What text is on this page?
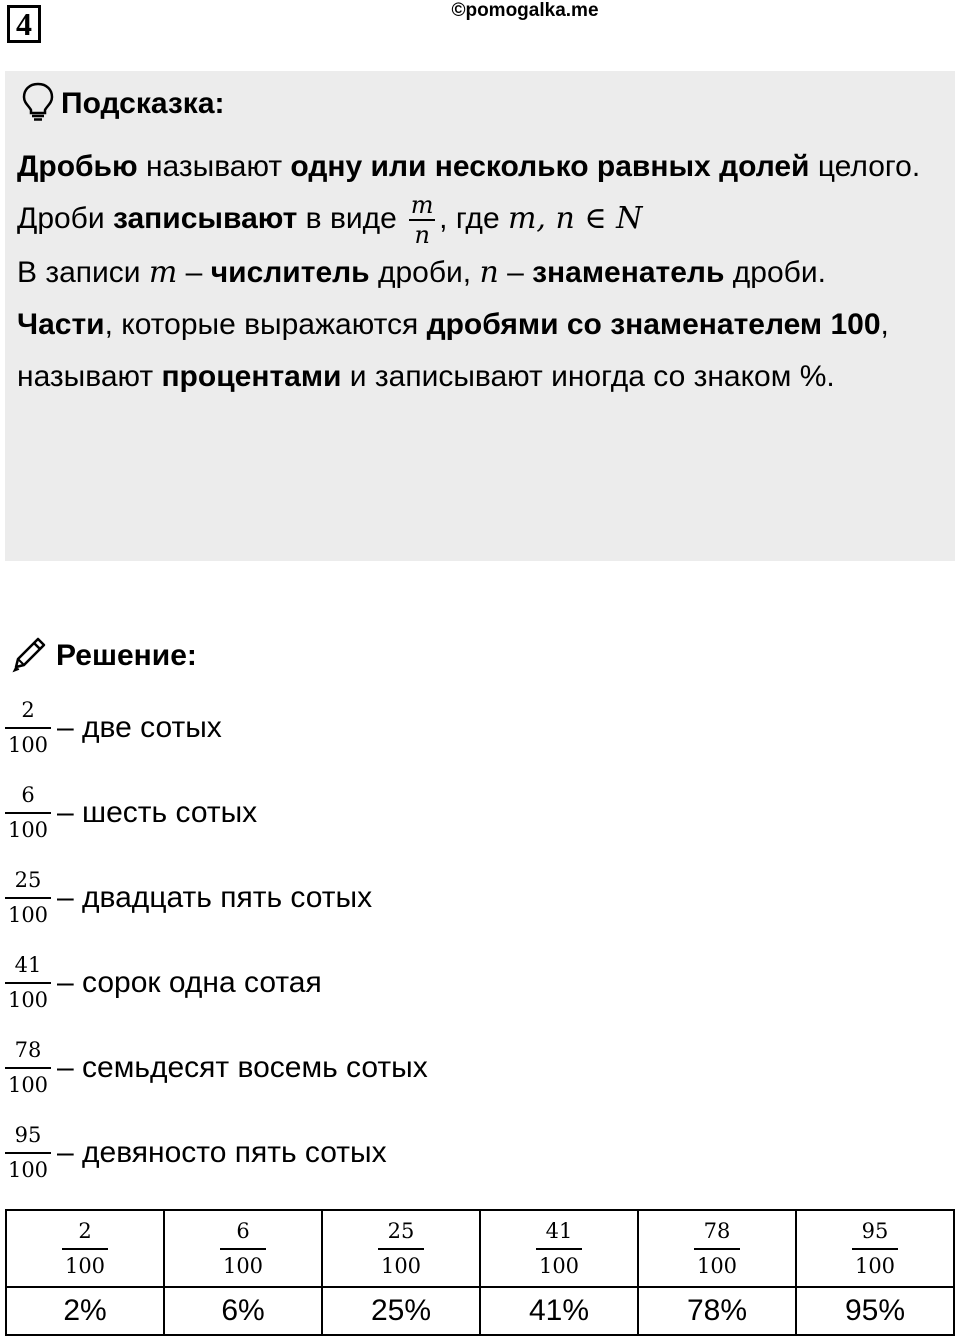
4	©pomogalka.me
Подсказка:

Дробью называют одну или несколько равных долей целого.

Дроби записывают в виде $\frac{m}{n}$ , где m, n ∈ N

В записи m – числитель дроби, n – знаменатель дроби.

Части, которые выражаются дробями со знаменателем 100, называют процентами и записывают иногда со знаком %.

Решение:
$\frac{2}{100}$ – две сотых
$\frac{6}{100}$ – шесть сотых
$\frac{25}{100}$ – двадцать пять сотых
$\frac{41}{100}$ – сорок одна сотая
$\frac{78}{100}$ – семьдесят восемь сотых
$\frac{95}{100}$ – девяносто пять сотых
$\frac{2}{100}$	$\frac{6}{100}$	$\frac{25}{100}$	$\frac{41}{100}$	$\frac{78}{100}$	$\frac{95}{100}$

2%	6%	25%	41%	78%	95%
